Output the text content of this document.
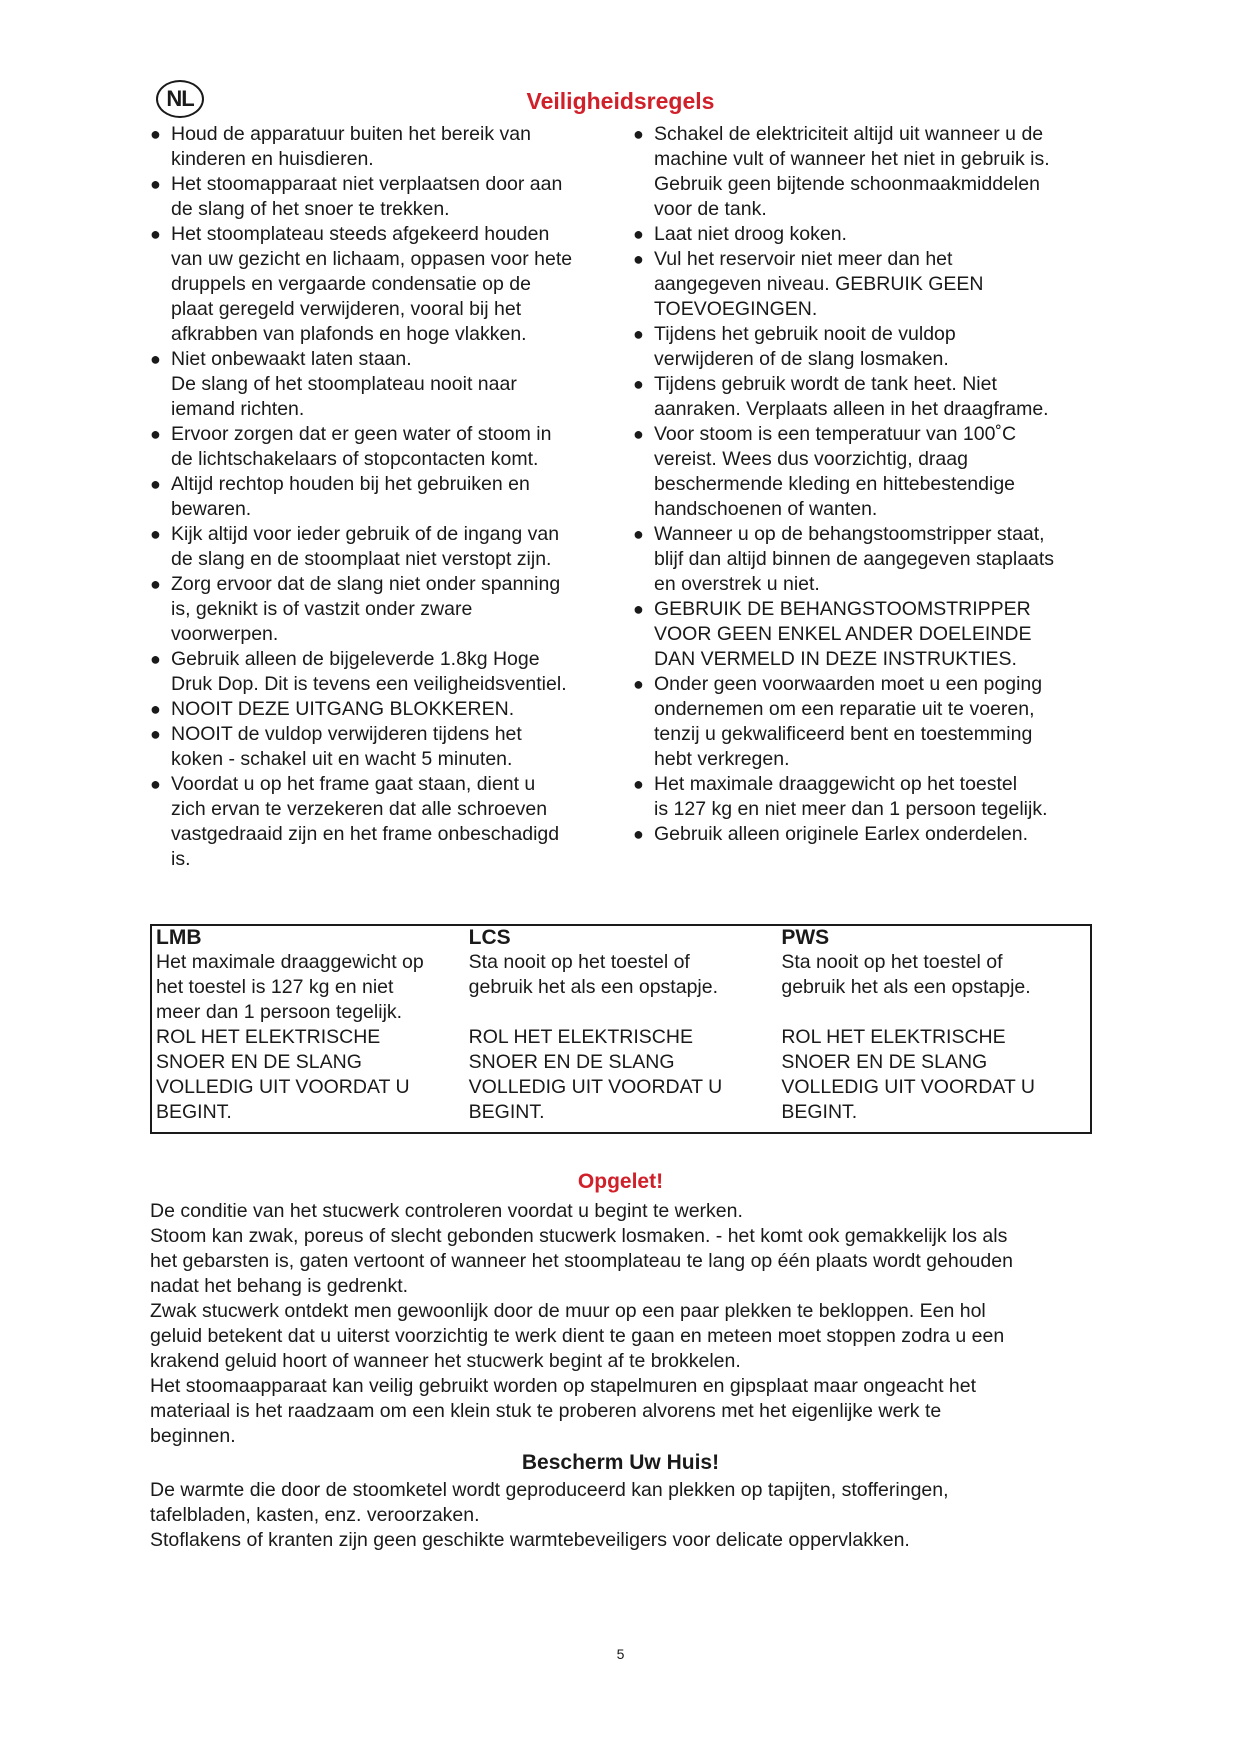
NL	Veiligheidsregels
● Houd de apparatuur buiten het bereik van
kinderen en huisdieren.
● Het stoomapparaat niet verplaatsen door aan
de slang of het snoer te trekken.
● Het stoomplateau steeds afgekeerd houden
van uw gezicht en lichaam, oppasen voor hete
druppels en vergaarde condensatie op de
plaat geregeld verwijderen, vooral bij het
afkrabben van plafonds en hoge vlakken.
● Niet onbewaakt laten staan.
De slang of het stoomplateau nooit naar
iemand richten.
● Ervoor zorgen dat er geen water of stoom in
de lichtschakelaars of stopcontacten komt.
● Altijd rechtop houden bij het gebruiken en
bewaren.
● Kijk altijd voor ieder gebruik of de ingang van
de slang en de stoomplaat niet verstopt zijn.
● Zorg ervoor dat de slang niet onder spanning
is, geknikt is of vastzit onder zware
voorwerpen.
● Gebruik alleen de bijgeleverde 1.8kg Hoge
Druk Dop. Dit is tevens een veiligheidsventiel.
● NOOIT DEZE UITGANG BLOKKEREN.
● NOOIT de vuldop verwijderen tijdens het
koken - schakel uit en wacht 5 minuten.
● Voordat u op het frame gaat staan, dient u
zich ervan te verzekeren dat alle schroeven
vastgedraaid zijn en het frame onbeschadigd
is.
● Schakel de elektriciteit altijd uit wanneer u de
machine vult of wanneer het niet in gebruik is.
Gebruik geen bijtende schoonmaakmiddelen
voor de tank.
● Laat niet droog koken.
● Vul het reservoir niet meer dan het
aangegeven niveau. GEBRUIK GEEN
TOEVOEGINGEN.
● Tijdens het gebruik nooit de vuldop
verwijderen of de slang losmaken.
● Tijdens gebruik wordt de tank heet. Niet
aanraken. Verplaats alleen in het draagframe.
● Voor stoom is een temperatuur van 100˚C
vereist. Wees dus voorzichtig, draag
beschermende kleding en hittebestendige
handschoenen of wanten.
● Wanneer u op de behangstoomstripper staat,
blijf dan altijd binnen de aangegeven staplaats
en overstrek u niet.
● GEBRUIK DE BEHANGSTOOMSTRIPPER
VOOR GEEN ENKEL ANDER DOELEINDE
DAN VERMELD IN DEZE INSTRUKTIES.
● Onder geen voorwaarden moet u een poging
ondernemen om een reparatie uit te voeren,
tenzij u gekwalificeerd bent en toestemming
hebt verkregen.
● Het maximale draaggewicht op het toestel
is 127 kg en niet meer dan 1 persoon tegelijk.
● Gebruik alleen originele Earlex onderdelen.
LMB
Het maximale draaggewicht op
het toestel is 127 kg en niet
meer dan 1 persoon tegelijk.
ROL HET ELEKTRISCHE
SNOER EN DE SLANG
VOLLEDIG UIT VOORDAT U
BEGINT.
LCS
Sta nooit op het toestel of
gebruik het als een opstapje.
ROL HET ELEKTRISCHE
SNOER EN DE SLANG
VOLLEDIG UIT VOORDAT U
BEGINT.
PWS
Sta nooit op het toestel of
gebruik het als een opstapje.
ROL HET ELEKTRISCHE
SNOER EN DE SLANG
VOLLEDIG UIT VOORDAT U
BEGINT.
Opgelet!

De conditie van het stucwerk controleren voordat u begint te werken.
Stoom kan zwak, poreus of slecht gebonden stucwerk losmaken. - het komt ook gemakkelijk los als
het gebarsten is, gaten vertoont of wanneer het stoomplateau te lang op één plaats wordt gehouden
nadat het behang is gedrenkt.
Zwak stucwerk ontdekt men gewoonlijk door de muur op een paar plekken te bekloppen. Een hol
geluid betekent dat u uiterst voorzichtig te werk dient te gaan en meteen moet stoppen zodra u een
krakend geluid hoort of wanneer het stucwerk begint af te brokkelen.
Het stoomaapparaat kan veilig gebruikt worden op stapelmuren en gipsplaat maar ongeacht het
materiaal is het raadzaam om een klein stuk te proberen alvorens met het eigenlijke werk te
beginnen.

Bescherm Uw Huis!

De warmte die door de stoomketel wordt geproduceerd kan plekken op tapijten, stofferingen,
tafelbladen, kasten, enz. veroorzaken.
Stoflakens of kranten zijn geen geschikte warmtebeveiligers voor delicate oppervlakken.

5
